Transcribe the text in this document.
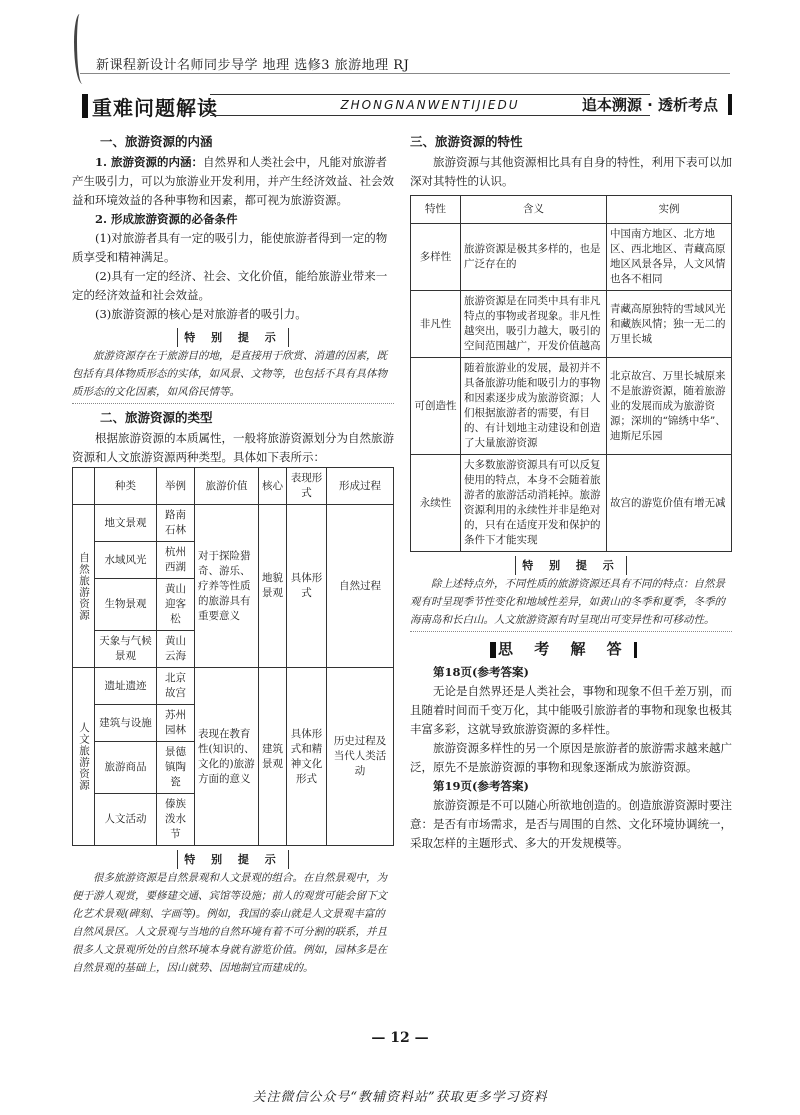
新课程新设计名师同步导学 地理 选修3 旅游地理 RJ
重难问题解读	ZHONGNANWENTIJIEDU	追本溯源 · 透析考点
一、旅游资源的内涵

1. 旅游资源的内涵：自然界和人类社会中，凡能对旅游者产生吸引力，可以为旅游业开发利用，并产生经济效益、社会效益和环境效益的各种事物和因素，都可视为旅游资源。

2. 形成旅游资源的必备条件

(1)对旅游者具有一定的吸引力，能使旅游者得到一定的物质享受和精神满足。

(2)具有一定的经济、社会、文化价值，能给旅游业带来一定的经济效益和社会效益。

(3)旅游资源的核心是对旅游者的吸引力。

特 别 提 示
旅游资源存在于旅游目的地，是直接用于欣赏、消遣的因素，既包括有具体物质形态的实体，如风景、文物等，也包括不具有具体物质形态的文化因素，如风俗民情等。
二、旅游资源的类型

根据旅游资源的本质属性，一般将旅游资源划分为自然旅游资源和人文旅游资源两种类型。具体如下表所示：

	种类	举例	旅游价值	核心	表现形式	形成过程

自然旅游资源	地文景观	路南石林	对于探险猎奇、游乐、疗养等性质的旅游具有重要意义	地貌景观	具体形式	自然过程
	水域风光	杭州西湖				
	生物景观	黄山迎客松				
	天象与气候景观	黄山云海				

人文旅游资源	遗址遗迹	北京故宫	表现在教育性(知识的、文化的)旅游方面的意义	建筑景观	具体形式和精神文化形式	历史过程及当代人类活动
	建筑与设施	苏州园林				
	旅游商品	景德镇陶瓷				
	人文活动	傣族泼水节				
特 别 提 示
很多旅游资源是自然景观和人文景观的组合。在自然景观中，为便于游人观赏，要修建交通、宾馆等设施；前人的观赏可能会留下文化艺术景观(碑刻、字画等)。例如，我国的泰山就是人文景观丰富的自然风景区。人文景观与当地的自然环境有着不可分割的联系，并且很多人文景观所处的自然环境本身就有游览价值。例如，园林多是在自然景观的基础上，因山就势、因地制宜而建成的。
三、旅游资源的特性

旅游资源与其他资源相比具有自身的特性，利用下表可以加深对其特性的认识。

特性	含义	实例
多样性	旅游资源是极其多样的，也是广泛存在的	中国南方地区、北方地区、西北地区、青藏高原地区风景各异，人文风情也各不相同
非凡性	旅游资源是在同类中具有非凡特点的事物或者现象。非凡性越突出，吸引力越大，吸引的空间范围越广，开发价值越高	青藏高原独特的雪域风光和藏族风情；独一无二的万里长城
可创造性	随着旅游业的发展，最初并不具备旅游功能和吸引力的事物和因素逐步成为旅游资源；人们根据旅游者的需要，有目的、有计划地主动建设和创造了大量旅游资源	北京故宫、万里长城原来不是旅游资源，随着旅游业的发展而成为旅游资源；深圳的“锦绣中华”、迪斯尼乐园
永续性	大多数旅游资源具有可以反复使用的特点，本身不会随着旅游者的旅游活动消耗掉。旅游资源利用的永续性并非是绝对的，只有在适度开发和保护的条件下才能实现	故宫的游览价值有增无减
特 别 提 示
除上述特点外，不同性质的旅游资源还具有不同的特点：自然景观有时呈现季节性变化和地域性差异，如黄山的冬季和夏季，冬季的海南岛和长白山。人文旅游资源有时呈现出可变异性和可移动性。
思 考 解 答
第18页(参考答案)

无论是自然界还是人类社会，事物和现象不但千差万别，而且随着时间而千变万化，其中能吸引旅游者的事物和现象也极其丰富多彩，这就导致旅游资源的多样性。

旅游资源多样性的另一个原因是旅游者的旅游需求越来越广泛，原先不是旅游资源的事物和现象逐渐成为旅游资源。

第19页(参考答案)

旅游资源是不可以随心所欲地创造的。创造旅游资源时要注意：是否有市场需求，是否与周围的自然、文化环境协调统一，采取怎样的主题形式、多大的开发规模等。

— 12 —
关注微信公众号“教辅资料站”获取更多学习资料
